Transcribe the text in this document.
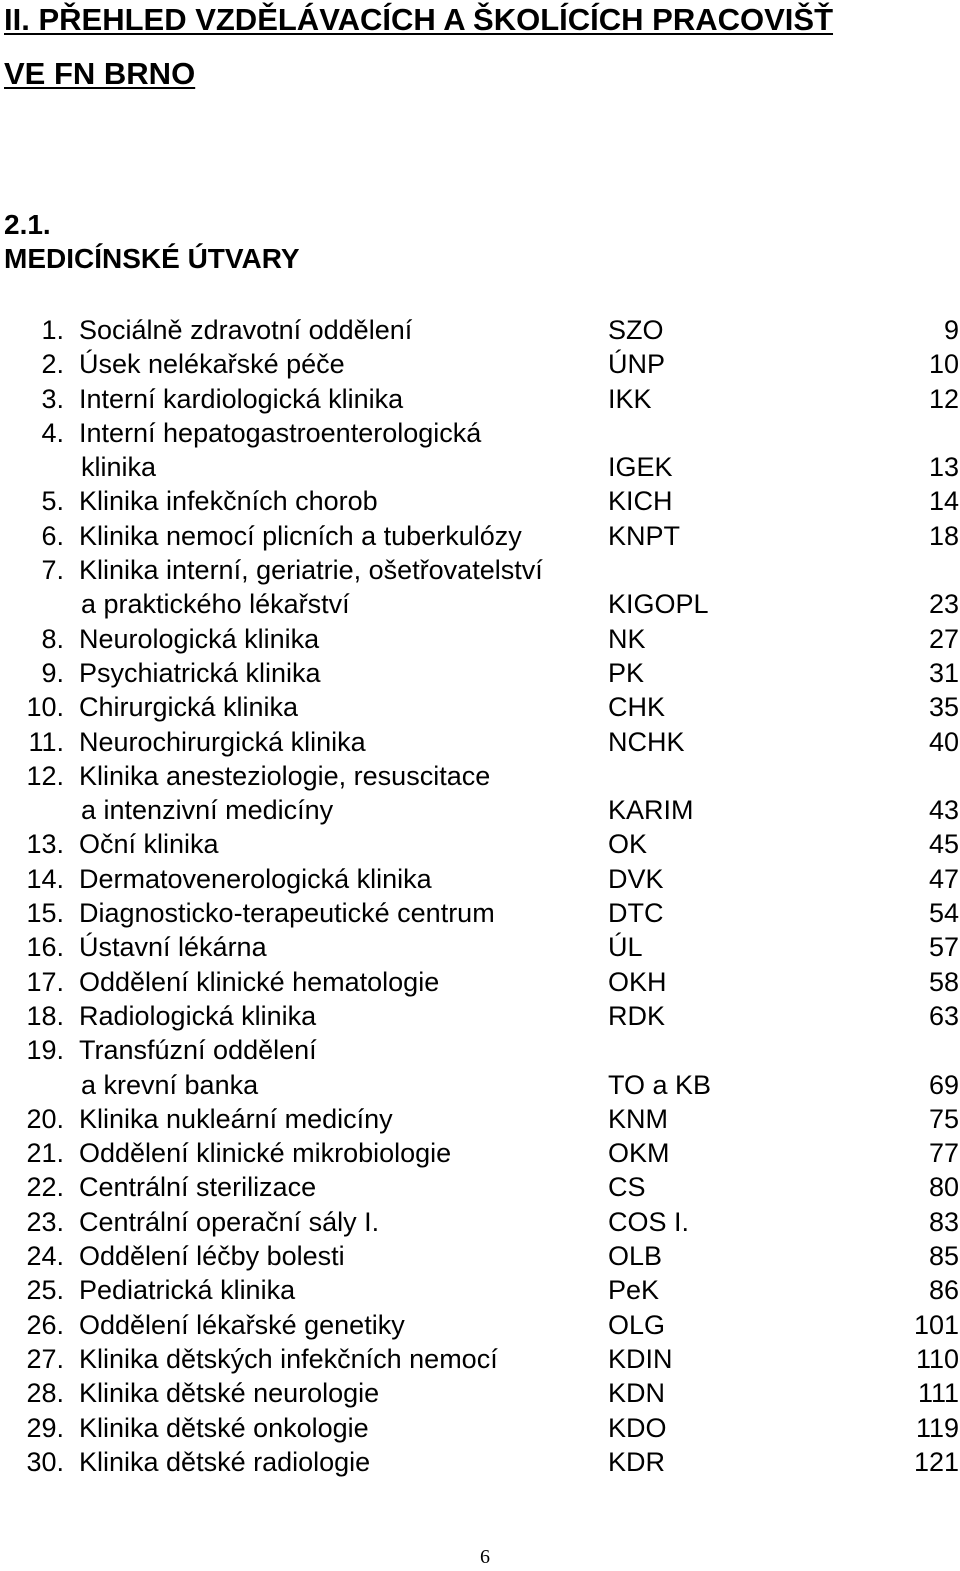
II. PŘEHLED VZDĚLÁVACÍCH A ŠKOLÍCÍCH PRACOVIŠŤ
VE FN BRNO
2.1.
MEDICÍNSKÉ ÚTVARY
1. Sociálně zdravotní oddělení	SZO	9
2. Úsek nelékařské péče	ÚNP	10
3. Interní kardiologická klinika	IKK	12
4. Interní hepatogastroenterologická
klinika	IGEK	13
5. Klinika infekčních chorob	KICH	14
6. Klinika nemocí plicních a tuberkulózy	KNPT	18
7. Klinika interní, geriatrie, ošetřovatelství
a praktického lékařství	KIGOPL	23
8. Neurologická klinika	NK	27
9. Psychiatrická klinika	PK	31
10. Chirurgická klinika	CHK	35
11. Neurochirurgická klinika	NCHK	40
12. Klinika anesteziologie, resuscitace
a intenzivní medicíny	KARIM	43
13. Oční klinika	OK	45
14. Dermatovenerologická klinika	DVK	47
15. Diagnosticko-terapeutické centrum	DTC	54
16. Ústavní lékárna	ÚL	57
17. Oddělení klinické hematologie	OKH	58
18. Radiologická klinika	RDK	63
19. Transfúzní oddělení
a krevní banka	TO a KB	69
20. Klinika nukleární medicíny	KNM	75
21. Oddělení klinické mikrobiologie	OKM	77
22. Centrální sterilizace	CS	80
23. Centrální operační sály I.	COS I.	83
24. Oddělení léčby bolesti	OLB	85
25. Pediatrická klinika	PeK	86
26. Oddělení lékařské genetiky	OLG	101
27. Klinika dětských infekčních nemocí	KDIN	110
28. Klinika dětské neurologie	KDN	111
29. Klinika dětské onkologie	KDO	119
30. Klinika dětské radiologie	KDR	121
6
